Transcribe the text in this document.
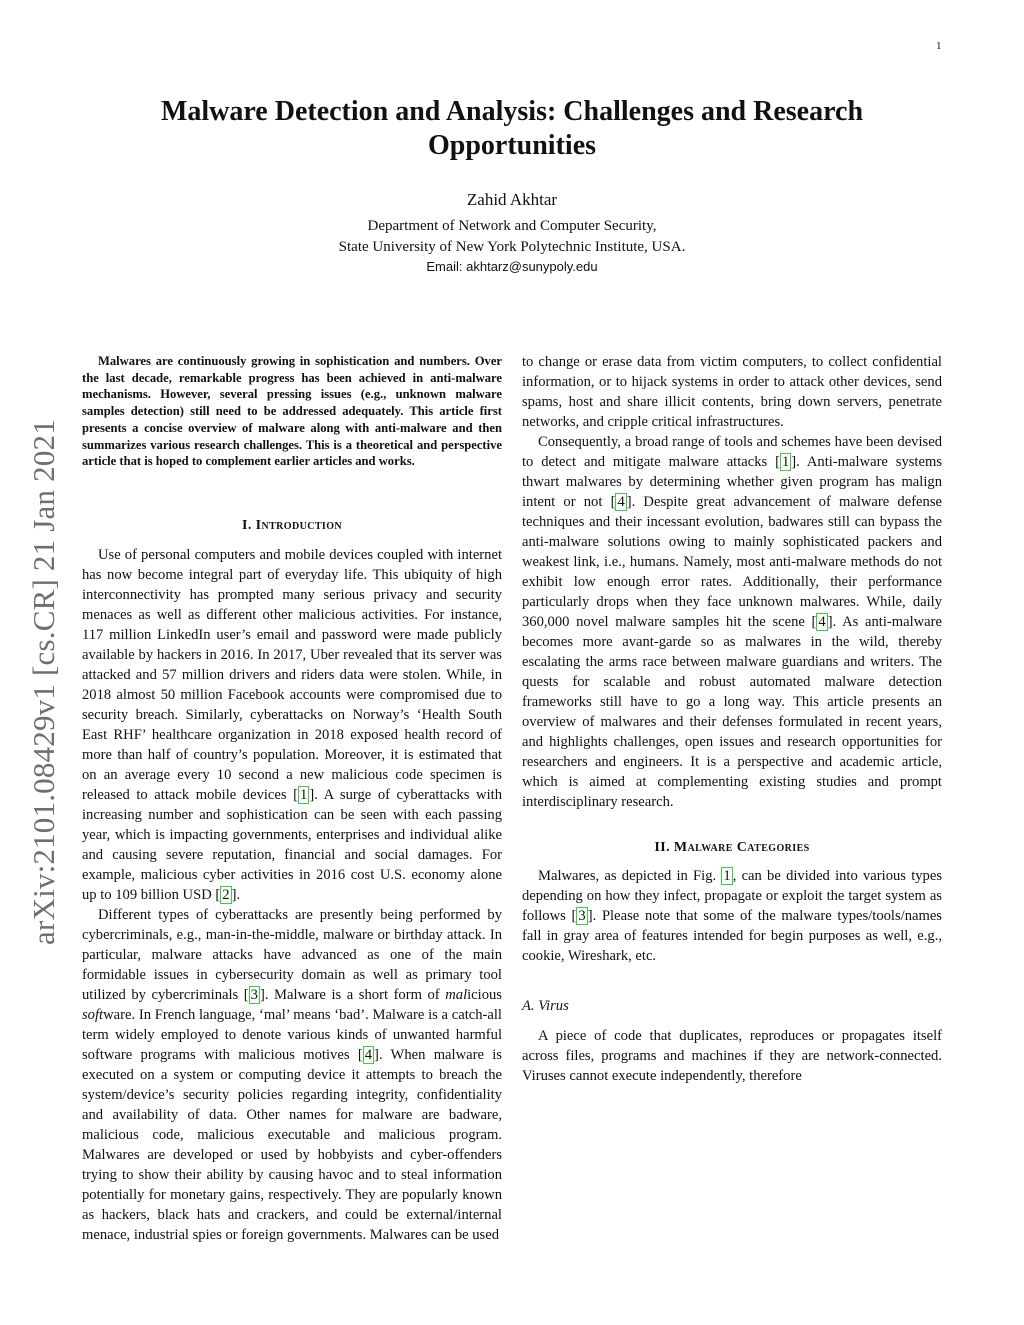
1
arXiv:2101.08429v1 [cs.CR] 21 Jan 2021
Malware Detection and Analysis: Challenges and Research Opportunities
Zahid Akhtar
Department of Network and Computer Security,
State University of New York Polytechnic Institute, USA.
Email: akhtarz@sunypoly.edu

Malwares are continuously growing in sophistication and numbers. Over the last decade, remarkable progress has been achieved in anti-malware mechanisms. However, several pressing issues (e.g., unknown malware samples detection) still need to be addressed adequately. This article first presents a concise overview of malware along with anti-malware and then summarizes various research challenges. This is a theoretical and perspective article that is hoped to complement earlier articles and works.

I. Introduction

Use of personal computers and mobile devices coupled with internet has now become integral part of everyday life. This ubiquity of high interconnectivity has prompted many serious privacy and security menaces as well as different other malicious activities. For instance, 117 million LinkedIn user’s email and password were made publicly available by hackers in 2016. In 2017, Uber revealed that its server was attacked and 57 million drivers and riders data were stolen. While, in 2018 almost 50 million Facebook accounts were compromised due to security breach. Similarly, cyberattacks on Norway’s ‘Health South East RHF’ healthcare organization in 2018 exposed health record of more than half of country’s population. Moreover, it is estimated that on an average every 10 second a new malicious code specimen is released to attack mobile devices [ 1 ]. A surge of cyberattacks with increasing number and sophistication can be seen with each passing year, which is impacting governments, enterprises and individual alike and causing severe reputation, financial and social damages. For example, malicious cyber activities in 2016 cost U.S. economy alone up to 109 billion USD [ 2 ].

Different types of cyberattacks are presently being performed by cybercriminals, e.g., man-in-the-middle, malware or birthday attack. In particular, malware attacks have advanced as one of the main formidable issues in cybersecurity domain as well as primary tool utilized by cybercriminals [ 3 ]. Malware is a short form of malicious software. In French language, ‘mal’ means ‘bad’. Malware is a catch-all term widely employed to denote various kinds of unwanted harmful software programs with malicious motives [ 4 ]. When malware is executed on a system or computing device it attempts to breach the system/device’s security policies regarding integrity, confidentiality and availability of data. Other names for malware are badware, malicious code, malicious executable and malicious program. Malwares are developed or used by hobbyists and cyber-offenders trying to show their ability by causing havoc and to steal information potentially for monetary gains, respectively. They are popularly known as hackers, black hats and crackers, and could be external/internal menace, industrial spies or foreign governments. Malwares can be used

to change or erase data from victim computers, to collect confidential information, or to hijack systems in order to attack other devices, send spams, host and share illicit contents, bring down servers, penetrate networks, and cripple critical infrastructures.

Consequently, a broad range of tools and schemes have been devised to detect and mitigate malware attacks [ 1 ]. Anti-malware systems thwart malwares by determining whether given program has malign intent or not [ 4 ]. Despite great advancement of malware defense techniques and their incessant evolution, badwares still can bypass the anti-malware solutions owing to mainly sophisticated packers and weakest link, i.e., humans. Namely, most anti-malware methods do not exhibit low enough error rates. Additionally, their performance particularly drops when they face unknown malwares. While, daily 360,000 novel malware samples hit the scene [ 4 ]. As anti-malware becomes more avant-garde so as malwares in the wild, thereby escalating the arms race between malware guardians and writers. The quests for scalable and robust automated malware detection frameworks still have to go a long way. This article presents an overview of malwares and their defenses formulated in recent years, and highlights challenges, open issues and research opportunities for researchers and engineers. It is a perspective and academic article, which is aimed at complementing existing studies and prompt interdisciplinary research.

II. Malware Categories

Malwares, as depicted in Fig. 1 , can be divided into various types depending on how they infect, propagate or exploit the target system as follows [ 3 ]. Please note that some of the malware types/tools/names fall in gray area of features intended for begin purposes as well, e.g., cookie, Wireshark, etc.

A. Virus

A piece of code that duplicates, reproduces or propagates itself across files, programs and machines if they are network-connected. Viruses cannot execute independently, therefore
